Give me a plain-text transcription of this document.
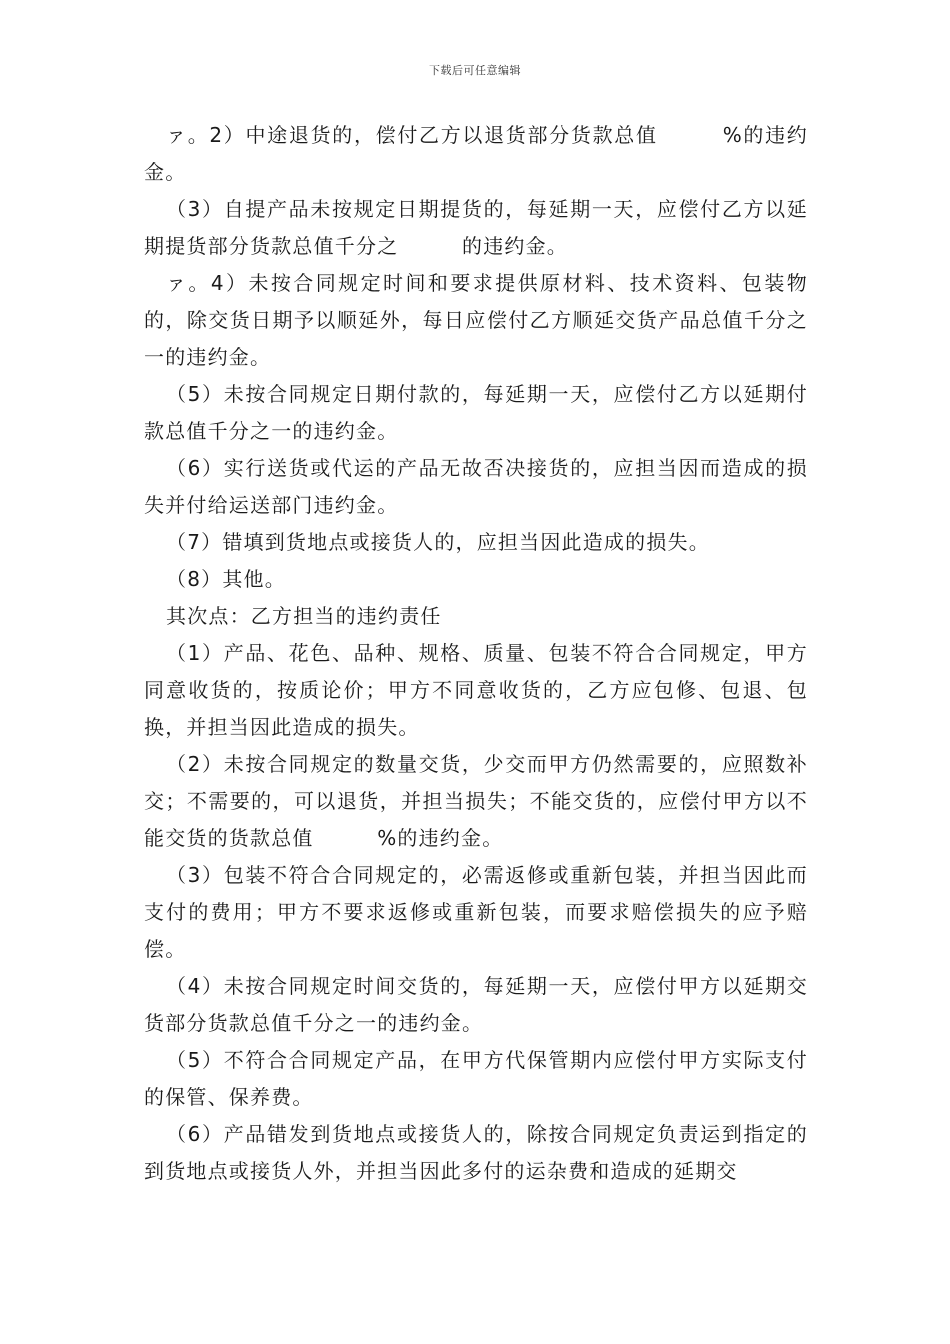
下载后可任意编辑

ァ。2）中途退货的，偿付乙方以退货部分货款总值　　　%的违约金。

（3）自提产品未按规定日期提货的，每延期一天，应偿付乙方以延期提货部分货款总值千分之　　　的违约金。

ァ。4）未按合同规定时间和要求提供原材料、技术资料、包装物的，除交货日期予以顺延外，每日应偿付乙方顺延交货产品总值千分之一的违约金。

（5）未按合同规定日期付款的，每延期一天，应偿付乙方以延期付款总值千分之一的违约金。

（6）实行送货或代运的产品无故否决接货的，应担当因而造成的损失并付给运送部门违约金。

（7）错填到货地点或接货人的，应担当因此造成的损失。

（8）其他。

其次点：乙方担当的违约责任

（1）产品、花色、品种、规格、质量、包装不符合合同规定，甲方同意收货的，按质论价；甲方不同意收货的，乙方应包修、包退、包换，并担当因此造成的损失。

（2）未按合同规定的数量交货，少交而甲方仍然需要的，应照数补交；不需要的，可以退货，并担当损失；不能交货的，应偿付甲方以不能交货的货款总值　　　%的违约金。

（3）包装不符合合同规定的，必需返修或重新包装，并担当因此而支付的费用；甲方不要求返修或重新包装，而要求赔偿损失的应予赔偿。

（4）未按合同规定时间交货的，每延期一天，应偿付甲方以延期交货部分货款总值千分之一的违约金。

（5）不符合合同规定产品，在甲方代保管期内应偿付甲方实际支付的保管、保养费。

（6）产品错发到货地点或接货人的，除按合同规定负责运到指定的到货地点或接货人外，并担当因此多付的运杂费和造成的延期交
